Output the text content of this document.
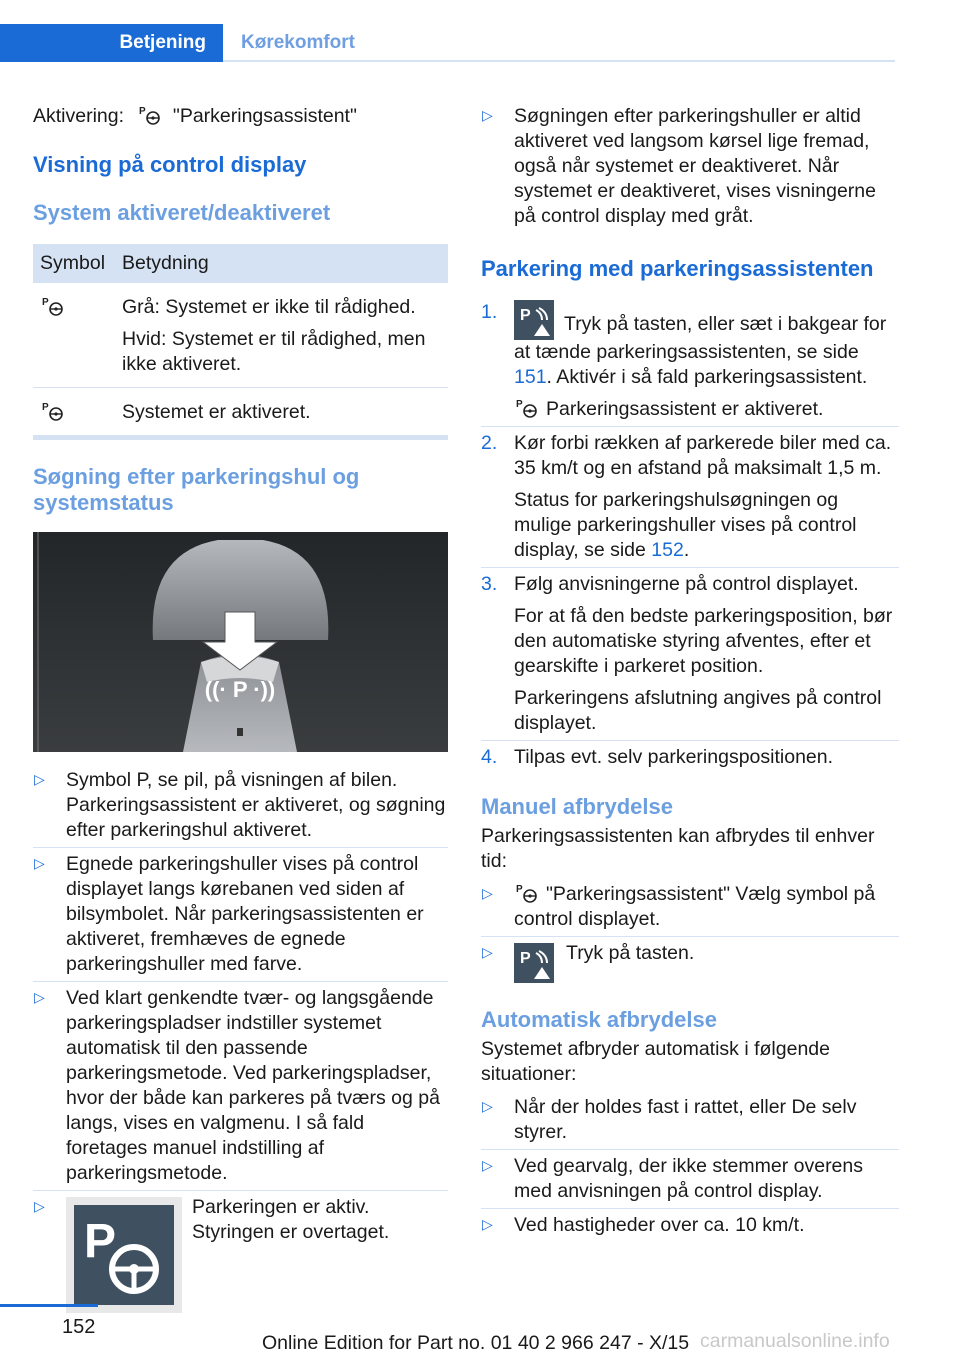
Betjening	Kørekomfort

Aktivering: P "Parkeringsassistent"

Visning på control display
System aktiveret/deaktiveret
Symbol Betydning
P	Grå: Systemet er ikke til rådighed.

Hvid: Systemet er til rådighed, men ikke aktiveret.

P	Systemet er aktiveret.

Søgning efter parkeringshul og systemstatus
((· P ·))
▷ Symbol P, se pil, på visningen af bilen. Parkeringsassistent er aktiveret, og søgning efter parkeringshul aktiveret.
▷ Egnede parkeringshuller vises på control displayet langs kørebanen ved siden af bilsymbolet. Når parkeringsassistenten er aktiveret, fremhæves de egnede parkeringshuller med farve.
▷ Ved klart genkendte tvær- og langsgående parkeringspladser indstiller systemet automatisk til den passende parkeringsmetode. Ved parkeringspladser, hvor der både kan parkeres på tværs og på langs, vises en valgmenu. I så fald foretages manuel indstilling af parkeringsmetode.
▷ P
Parkeringen er aktiv. Styringen er overtaget.
▷ Søgningen efter parkeringshuller er altid aktiveret ved langsom kørsel lige fremad, også når systemet er deaktiveret. Når systemet er deaktiveret, vises visningerne på control display med gråt.
Parkering med parkeringsassistenten
1. P Tryk på tasten, eller sæt i bakgear for at tænde parkeringsassistenten, se side 151. Aktivér i så fald parkeringsassistent.

P Parkeringsassistent er aktiveret.

2. Kør forbi rækken af parkerede biler med ca. 35 km/t og en afstand på maksimalt 1,5 m.

Status for parkeringshulsøgningen og mulige parkeringshuller vises på control display, se side 152.

3. Følg anvisningerne på control displayet.

For at få den bedste parkeringsposition, bør den automatiske styring afventes, efter et gearskifte i parkeret position.

Parkeringens afslutning angives på control displayet.

4. Tilpas evt. selv parkeringspositionen.

Manuel afbrydelse

Parkeringsassistenten kan afbrydes til enhver tid:

▷ P "Parkeringsassistent" Vælg symbol på control displayet.
▷ P Tryk på tasten.
Automatisk afbrydelse

Systemet afbryder automatisk i følgende situationer:

▷ Når der holdes fast i rattet, eller De selv styrer.
▷ Ved gearvalg, der ikke stemmer overens med anvisningen på control display.
▷ Ved hastigheder over ca. 10 km/t.
152
Online Edition for Part no. 01 40 2 966 247 - X/15 carmanualsonline.info
